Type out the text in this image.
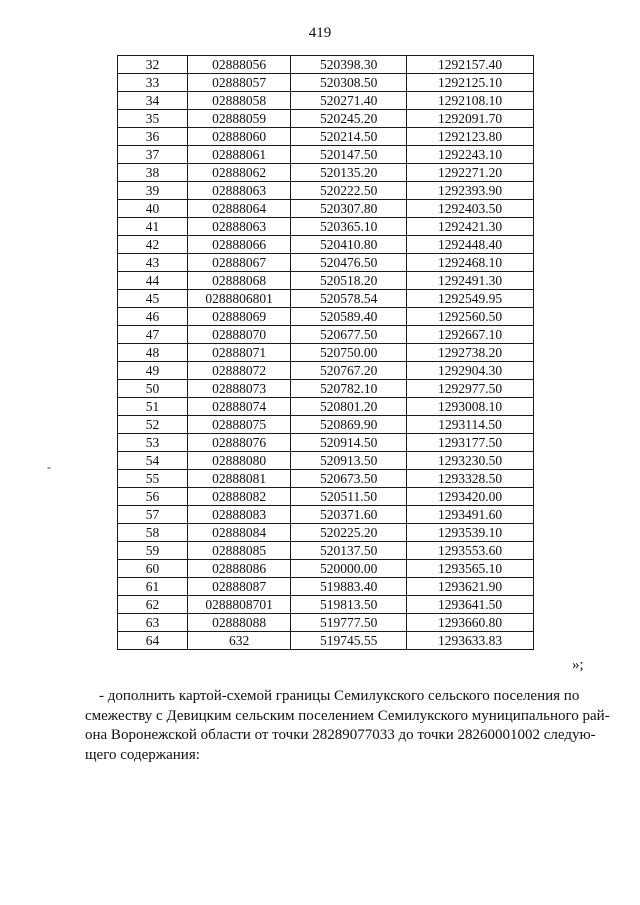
419
32	02888056	520398.30	1292157.40
33	02888057	520308.50	1292125.10
34	02888058	520271.40	1292108.10
35	02888059	520245.20	1292091.70
36	02888060	520214.50	1292123.80
37	02888061	520147.50	1292243.10
38	02888062	520135.20	1292271.20
39	02888063	520222.50	1292393.90
40	02888064	520307.80	1292403.50
41	02888063	520365.10	1292421.30
42	02888066	520410.80	1292448.40
43	02888067	520476.50	1292468.10
44	02888068	520518.20	1292491.30
45	0288806801	520578.54	1292549.95
46	02888069	520589.40	1292560.50
47	02888070	520677.50	1292667.10
48	02888071	520750.00	1292738.20
49	02888072	520767.20	1292904.30
50	02888073	520782.10	1292977.50
51	02888074	520801.20	1293008.10
52	02888075	520869.90	1293114.50
53	02888076	520914.50	1293177.50
54	02888080	520913.50	1293230.50
55	02888081	520673.50	1293328.50
56	02888082	520511.50	1293420.00
57	02888083	520371.60	1293491.60
58	02888084	520225.20	1293539.10
59	02888085	520137.50	1293553.60
60	02888086	520000.00	1293565.10
61	02888087	519883.40	1293621.90
62	0288808701	519813.50	1293641.50
63	02888088	519777.50	1293660.80
64	632	519745.55	1293633.83
-
»;
- дополнить картой-схемой границы Семилукского сельского поселения по
смежеству с Девицким сельским поселением Семилукского муниципального рай-
она Воронежской области от точки 28289077033 до точки 28260001002 следую-
щего содержания:
